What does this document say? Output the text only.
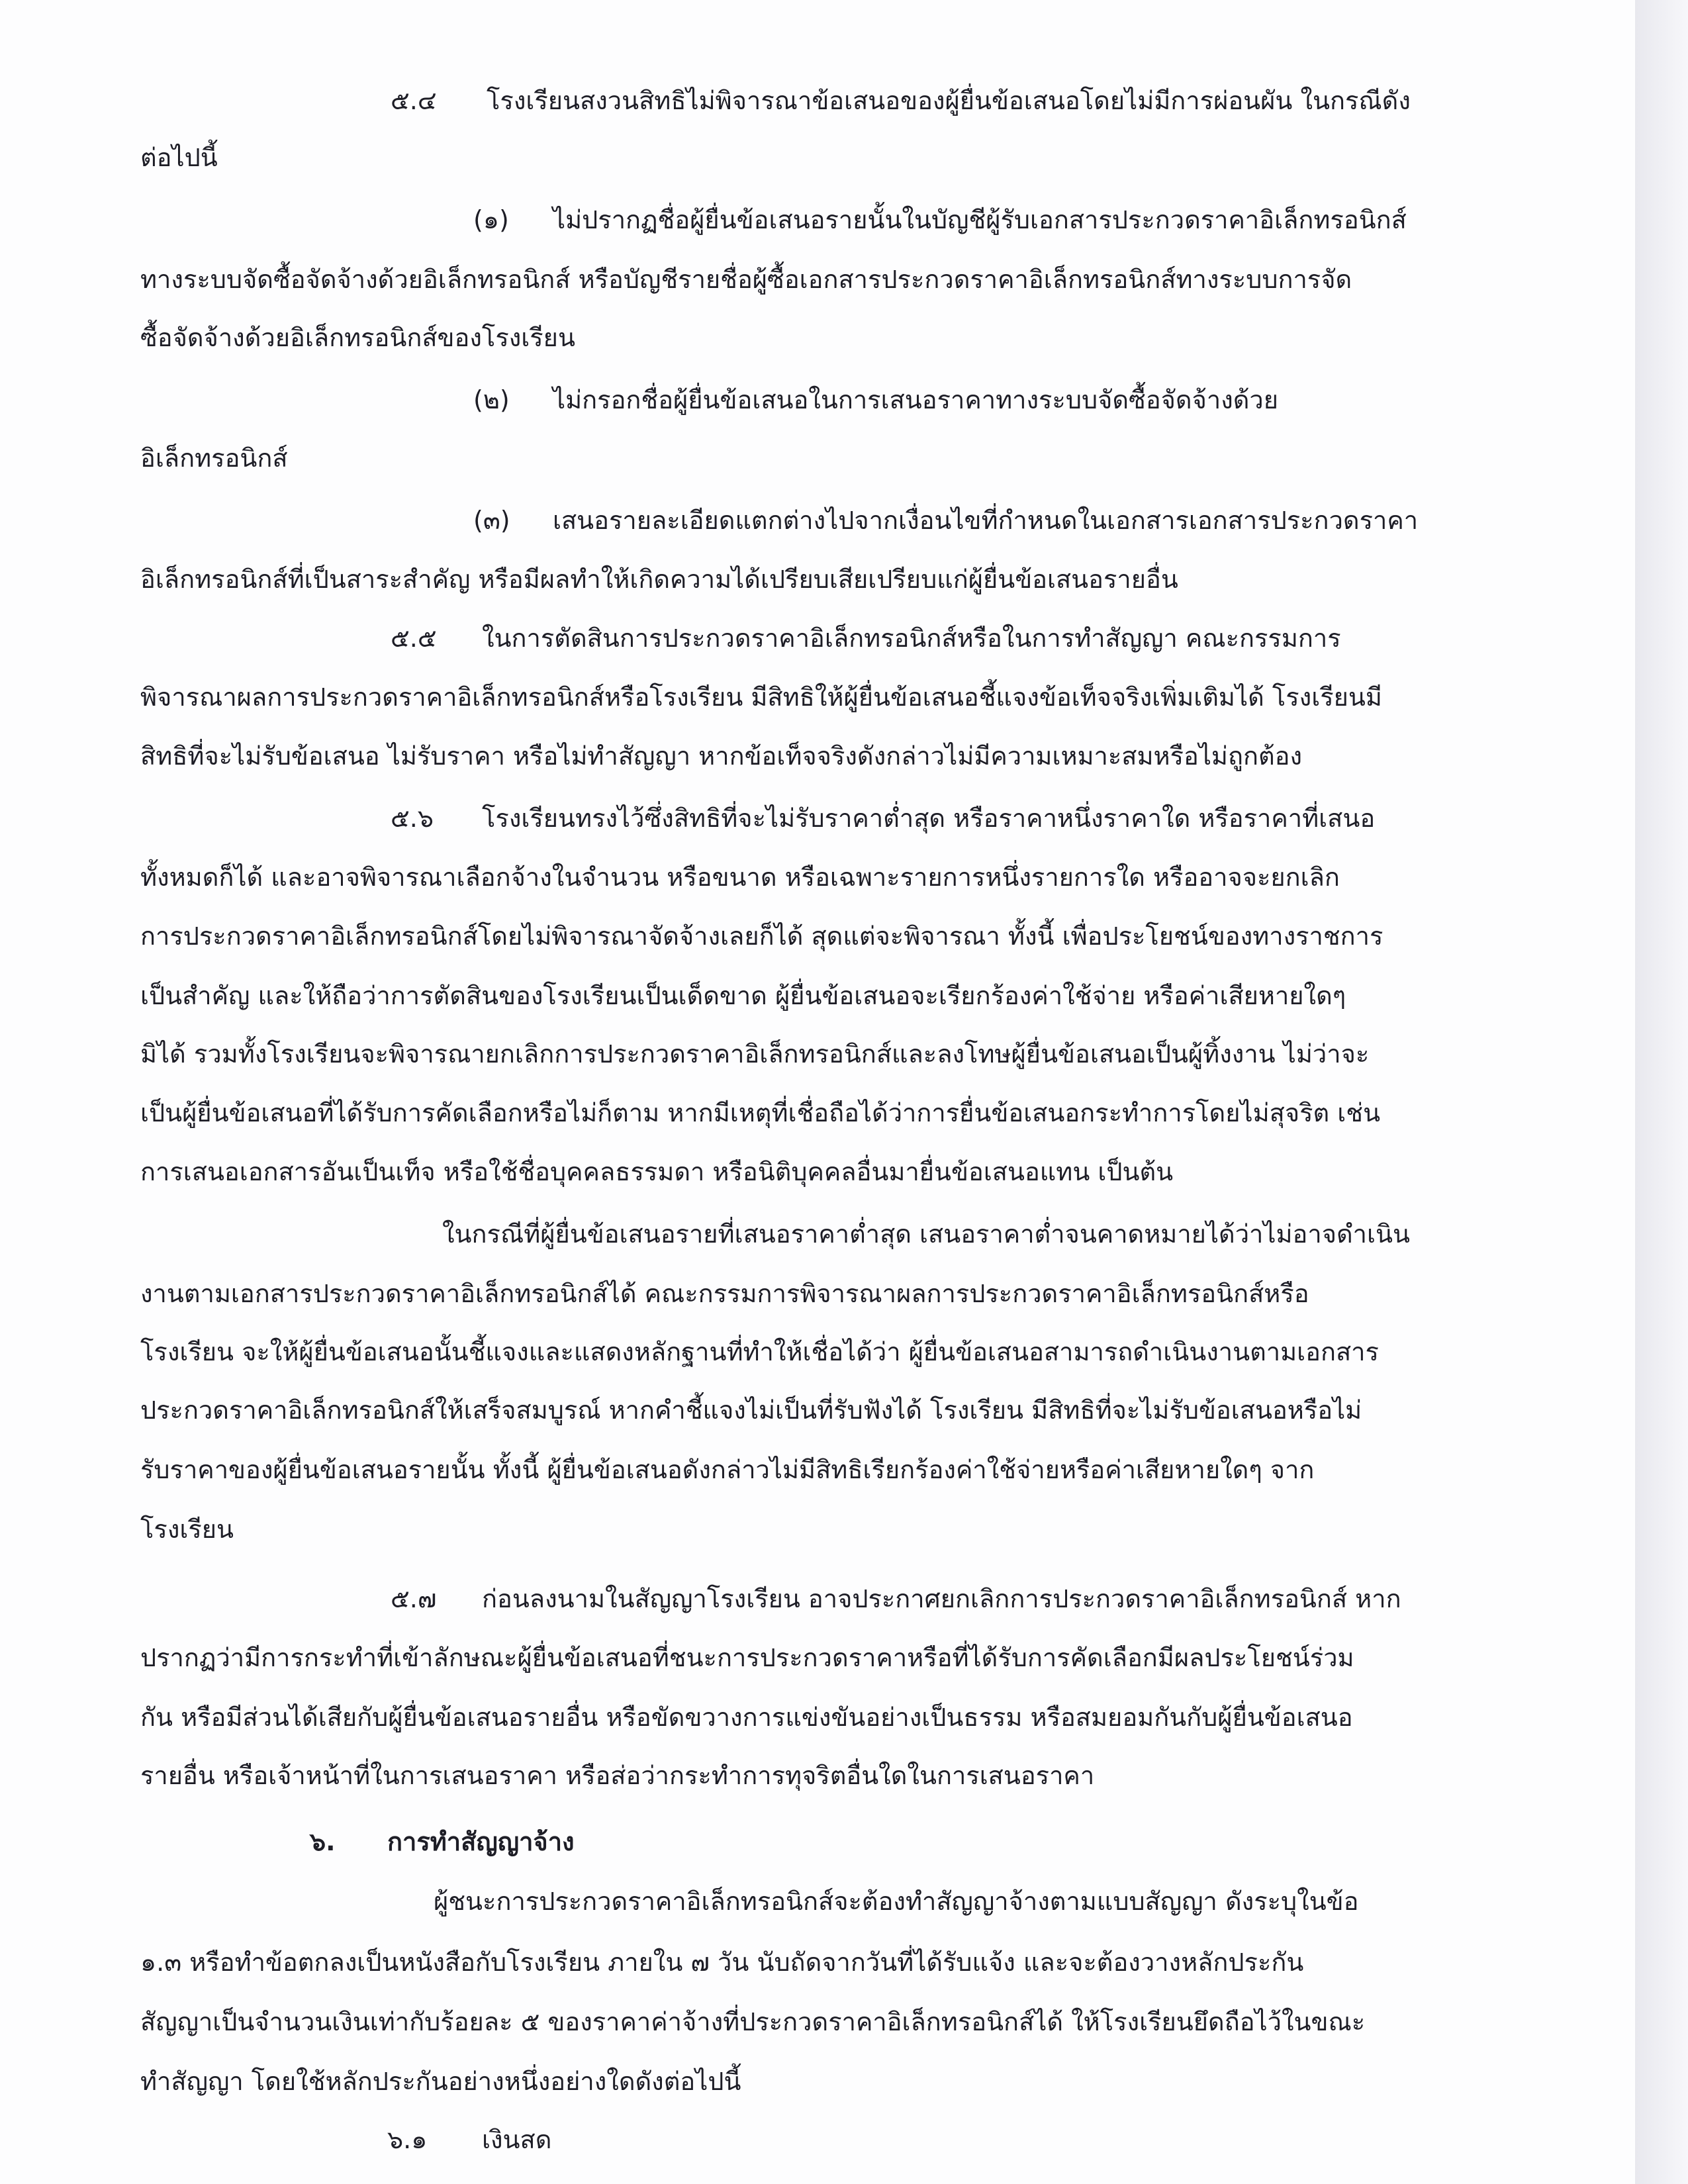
๕.๔ โรงเรียนสงวนสิทธิไม่พิจารณาข้อเสนอของผู้ยื่นข้อเสนอโดยไม่มีการผ่อนผัน ในกรณีดัง
ต่อไปนี้
(๑) ไม่ปรากฏชื่อผู้ยื่นข้อเสนอรายนั้นในบัญชีผู้รับเอกสารประกวดราคาอิเล็กทรอนิกส์
ทางระบบจัดซื้อจัดจ้างด้วยอิเล็กทรอนิกส์ หรือบัญชีรายชื่อผู้ซื้อเอกสารประกวดราคาอิเล็กทรอนิกส์ทางระบบการจัด
ซื้อจัดจ้างด้วยอิเล็กทรอนิกส์ของโรงเรียน
(๒) ไม่กรอกชื่อผู้ยื่นข้อเสนอในการเสนอราคาทางระบบจัดซื้อจัดจ้างด้วย
อิเล็กทรอนิกส์
(๓) เสนอรายละเอียดแตกต่างไปจากเงื่อนไขที่กำหนดในเอกสารเอกสารประกวดราคา
อิเล็กทรอนิกส์ที่เป็นสาระสำคัญ หรือมีผลทำให้เกิดความได้เปรียบเสียเปรียบแก่ผู้ยื่นข้อเสนอรายอื่น
๕.๕ ในการตัดสินการประกวดราคาอิเล็กทรอนิกส์หรือในการทำสัญญา คณะกรรมการ
พิจารณาผลการประกวดราคาอิเล็กทรอนิกส์หรือโรงเรียน มีสิทธิให้ผู้ยื่นข้อเสนอชี้แจงข้อเท็จจริงเพิ่มเติมได้ โรงเรียนมี
สิทธิที่จะไม่รับข้อเสนอ ไม่รับราคา หรือไม่ทำสัญญา หากข้อเท็จจริงดังกล่าวไม่มีความเหมาะสมหรือไม่ถูกต้อง
๕.๖ โรงเรียนทรงไว้ซึ่งสิทธิที่จะไม่รับราคาต่ำสุด หรือราคาหนึ่งราคาใด หรือราคาที่เสนอ
ทั้งหมดก็ได้ และอาจพิจารณาเลือกจ้างในจำนวน หรือขนาด หรือเฉพาะรายการหนึ่งรายการใด หรืออาจจะยกเลิก
การประกวดราคาอิเล็กทรอนิกส์โดยไม่พิจารณาจัดจ้างเลยก็ได้ สุดแต่จะพิจารณา ทั้งนี้ เพื่อประโยชน์ของทางราชการ
เป็นสำคัญ และให้ถือว่าการตัดสินของโรงเรียนเป็นเด็ดขาด ผู้ยื่นข้อเสนอจะเรียกร้องค่าใช้จ่าย หรือค่าเสียหายใดๆ
มิได้ รวมทั้งโรงเรียนจะพิจารณายกเลิกการประกวดราคาอิเล็กทรอนิกส์และลงโทษผู้ยื่นข้อเสนอเป็นผู้ทิ้งงาน ไม่ว่าจะ
เป็นผู้ยื่นข้อเสนอที่ได้รับการคัดเลือกหรือไม่ก็ตาม หากมีเหตุที่เชื่อถือได้ว่าการยื่นข้อเสนอกระทำการโดยไม่สุจริต เช่น
การเสนอเอกสารอันเป็นเท็จ หรือใช้ชื่อบุคคลธรรมดา หรือนิติบุคคลอื่นมายื่นข้อเสนอแทน เป็นต้น
ในกรณีที่ผู้ยื่นข้อเสนอรายที่เสนอราคาต่ำสุด เสนอราคาต่ำจนคาดหมายได้ว่าไม่อาจดำเนิน
งานตามเอกสารประกวดราคาอิเล็กทรอนิกส์ได้ คณะกรรมการพิจารณาผลการประกวดราคาอิเล็กทรอนิกส์หรือ
โรงเรียน จะให้ผู้ยื่นข้อเสนอนั้นชี้แจงและแสดงหลักฐานที่ทำให้เชื่อได้ว่า ผู้ยื่นข้อเสนอสามารถดำเนินงานตามเอกสาร
ประกวดราคาอิเล็กทรอนิกส์ให้เสร็จสมบูรณ์ หากคำชี้แจงไม่เป็นที่รับฟังได้ โรงเรียน มีสิทธิที่จะไม่รับข้อเสนอหรือไม่
รับราคาของผู้ยื่นข้อเสนอรายนั้น ทั้งนี้ ผู้ยื่นข้อเสนอดังกล่าวไม่มีสิทธิเรียกร้องค่าใช้จ่ายหรือค่าเสียหายใดๆ จาก
โรงเรียน
๕.๗ ก่อนลงนามในสัญญาโรงเรียน อาจประกาศยกเลิกการประกวดราคาอิเล็กทรอนิกส์ หาก
ปรากฏว่ามีการกระทำที่เข้าลักษณะผู้ยื่นข้อเสนอที่ชนะการประกวดราคาหรือที่ได้รับการคัดเลือกมีผลประโยชน์ร่วม
กัน หรือมีส่วนได้เสียกับผู้ยื่นข้อเสนอรายอื่น หรือขัดขวางการแข่งขันอย่างเป็นธรรม หรือสมยอมกันกับผู้ยื่นข้อเสนอ
รายอื่น หรือเจ้าหน้าที่ในการเสนอราคา หรือส่อว่ากระทำการทุจริตอื่นใดในการเสนอราคา
๖. การทำสัญญาจ้าง
ผู้ชนะการประกวดราคาอิเล็กทรอนิกส์จะต้องทำสัญญาจ้างตามแบบสัญญา ดังระบุในข้อ
๑.๓ หรือทำข้อตกลงเป็นหนังสือกับโรงเรียน ภายใน ๗ วัน นับถัดจากวันที่ได้รับแจ้ง และจะต้องวางหลักประกัน
สัญญาเป็นจำนวนเงินเท่ากับร้อยละ ๕ ของราคาค่าจ้างที่ประกวดราคาอิเล็กทรอนิกส์ได้ ให้โรงเรียนยึดถือไว้ในขณะ
ทำสัญญา โดยใช้หลักประกันอย่างหนึ่งอย่างใดดังต่อไปนี้
๖.๑ เงินสด
